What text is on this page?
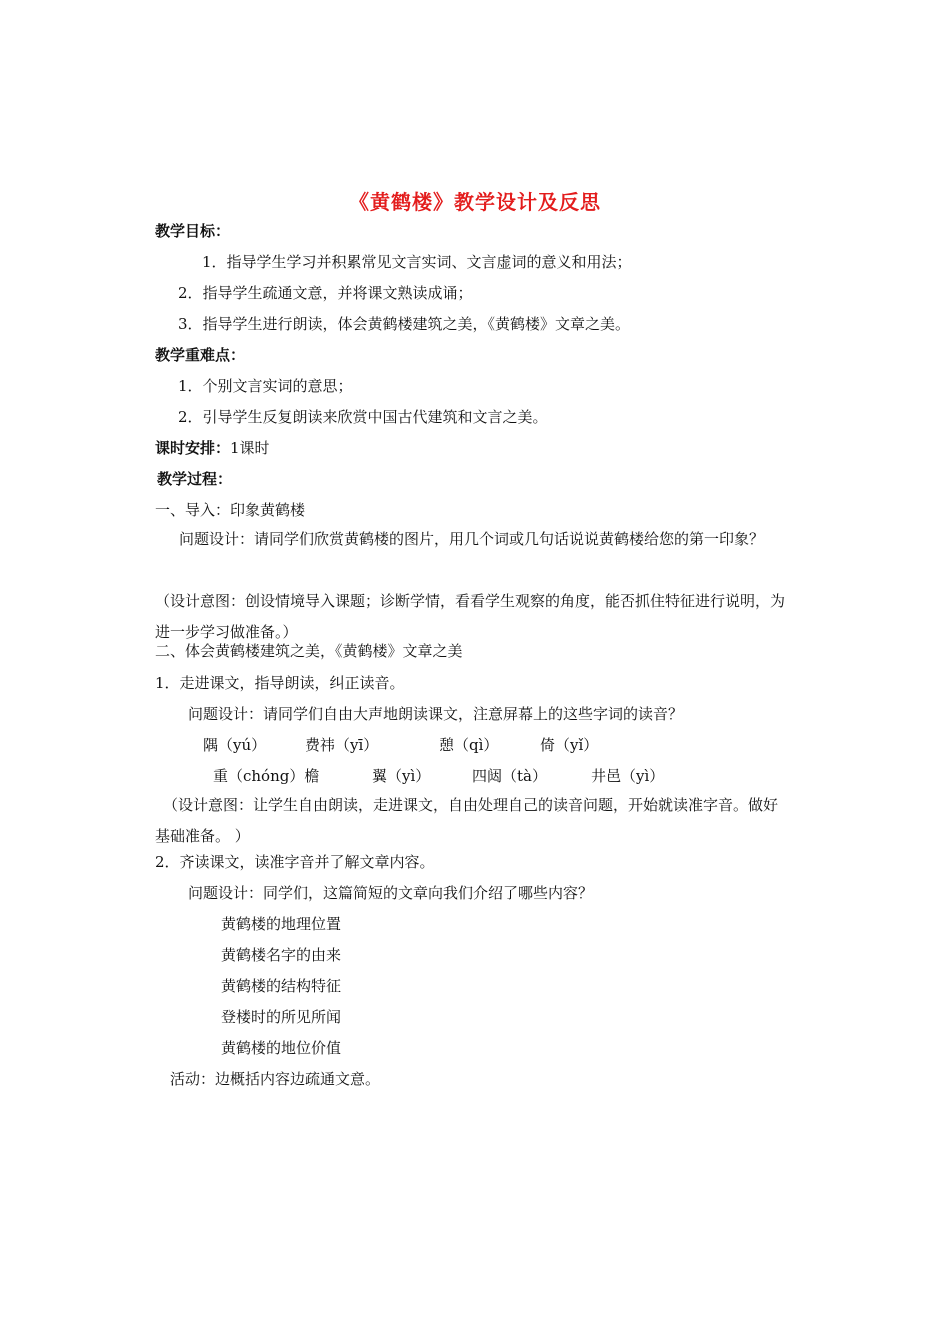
《黄鹤楼》教学设计及反思
教学目标：
1．指导学生学习并积累常见文言实词、文言虚词的意义和用法；
2．指导学生疏通文意，并将课文熟读成诵；
3．指导学生进行朗读，体会黄鹤楼建筑之美，《黄鹤楼》文章之美。
教学重难点：
1．个别文言实词的意思；
2．引导学生反复朗读来欣赏中国古代建筑和文言之美。
课时安排：1课时
教学过程：
一、导入：印象黄鹤楼
问题设计：请同学们欣赏黄鹤楼的图片，用几个词或几句话说说黄鹤楼给您的第一印象？
（设计意图：创设情境导入课题；诊断学情，看看学生观察的角度，能否抓住特征进行说明，为进一步学习做准备。）
二、体会黄鹤楼建筑之美，《黄鹤楼》文章之美
1．走进课文，指导朗读，纠正读音。
问题设计：请同学们自由大声地朗读课文，注意屏幕上的这些字词的读音？
隅（yú）	费祎（yī）	憩（qì）	倚（yǐ）
重（chóng）檐	翼（yì）	四闼（tà）	井邑（yì）
（设计意图：让学生自由朗读，走进课文，自由处理自己的读音问题，开始就读准字音。做好基础准备。 ）
2．齐读课文，读准字音并了解文章内容。
问题设计：同学们，这篇简短的文章向我们介绍了哪些内容？
黄鹤楼的地理位置
黄鹤楼名字的由来
黄鹤楼的结构特征
登楼时的所见所闻
黄鹤楼的地位价值
活动：边概括内容边疏通文意。
